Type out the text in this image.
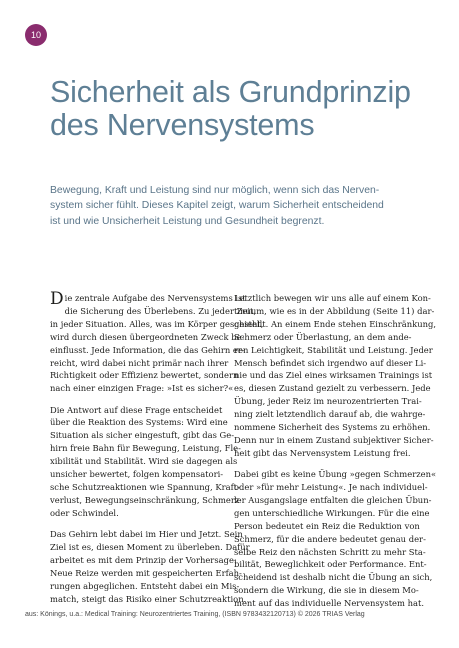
10
Sicherheit als Grundprinzip
des Nervensystems

Bewegung, Kraft und Leistung sind nur möglich, wenn sich das Nerven-
system sicher fühlt. Dieses Kapitel zeigt, warum Sicherheit entscheidend
ist und wie Unsicherheit Leistung und Gesundheit begrenzt.

D ie zentrale Aufgabe des Nervensystems ist
die Sicherung des Überlebens. Zu jeder Zeit,
in jeder Situation. Alles, was im Körper geschieht,
wird durch diesen übergeordneten Zweck be-
einflusst. Jede Information, die das Gehirn er-
reicht, wird dabei nicht primär nach ihrer
Richtigkeit oder Effizienz bewertet, sondern
nach einer einzigen Frage: »Ist es sicher?«

Die Antwort auf diese Frage entscheidet
über die Reaktion des Systems: Wird eine
Situation als sicher eingestuft, gibt das Ge-
hirn freie Bahn für Bewegung, Leistung, Fle-
xibilität und Stabilität. Wird sie dagegen als
unsicher bewertet, folgen kompensatori-
sche Schutzreaktionen wie Spannung, Kraft-
verlust, Bewegungseinschränkung, Schmerz
oder Schwindel.

Das Gehirn lebt dabei im Hier und Jetzt. Sein
Ziel ist es, diesen Moment zu überleben. Dafür
arbeitet es mit dem Prinzip der Vorhersage:
Neue Reize werden mit gespeicherten Erfah-
rungen abgeglichen. Entsteht dabei ein Mis-
match, steigt das Risiko einer Schutzreaktion.

Letztlich bewegen wir uns alle auf einem Kon-
tinuum, wie es in der Abbildung (Seite 11) dar-
gestellt. An einem Ende stehen Einschränkung,
Schmerz oder Überlastung, an dem ande-
ren Leichtigkeit, Stabilität und Leistung. Jeder
Mensch befindet sich irgendwo auf dieser Li-
nie und das Ziel eines wirksamen Trainings ist
es, diesen Zustand gezielt zu verbessern. Jede
Übung, jeder Reiz im neurozentrierten Trai-
ning zielt letztendlich darauf ab, die wahrge-
nommene Sicherheit des Systems zu erhöhen.
Denn nur in einem Zustand subjektiver Sicher-
heit gibt das Nervensystem Leistung frei.

Dabei gibt es keine Übung »gegen Schmerzen«
oder »für mehr Leistung«. Je nach individuel-
ler Ausgangslage entfalten die gleichen Übun-
gen unterschiedliche Wirkungen. Für die eine
Person bedeutet ein Reiz die Reduktion von
Schmerz, für die andere bedeutet genau der-
selbe Reiz den nächsten Schritt zu mehr Sta-
bilität, Beweglichkeit oder Performance. Ent-
scheidend ist deshalb nicht die Übung an sich,
sondern die Wirkung, die sie in diesem Mo-
ment auf das individuelle Nervensystem hat.

aus: Könings, u.a.: Medical Training: Neurozentriertes Training, (ISBN 9783432120713) © 2026 TRIAS Verlag
